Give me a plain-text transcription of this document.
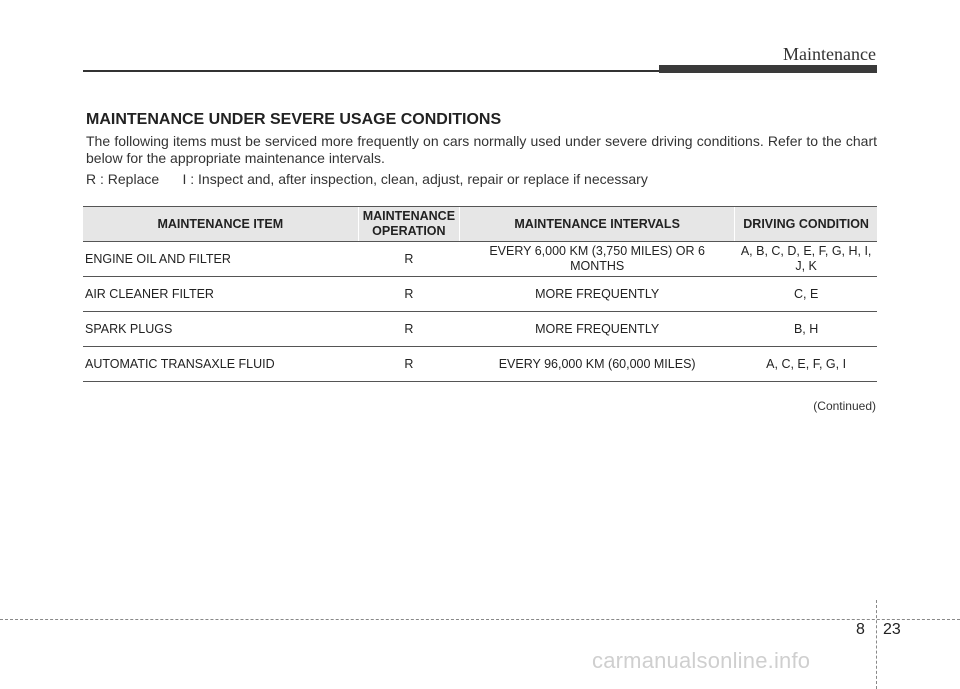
Maintenance
MAINTENANCE UNDER SEVERE USAGE CONDITIONS
The following items must be serviced more frequently on cars normally used under severe driving conditions. Refer to the chart below for the appropriate maintenance intervals.
R : Replace      I : Inspect and, after inspection, clean, adjust, repair or replace if necessary
MAINTENANCE ITEM	MAINTENANCE OPERATION	MAINTENANCE INTERVALS	DRIVING CONDITION
ENGINE OIL AND FILTER	R	EVERY 6,000 KM (3,750 MILES) OR 6 MONTHS	A, B, C, D, E, F, G, H, I, J, K
AIR CLEANER FILTER	R	MORE FREQUENTLY	C, E
SPARK PLUGS	R	MORE FREQUENTLY	B, H
AUTOMATIC TRANSAXLE FLUID	R	EVERY 96,000 KM (60,000 MILES)	A, C, E, F, G, I
(Continued)
8 23
carmanualsonline.info
